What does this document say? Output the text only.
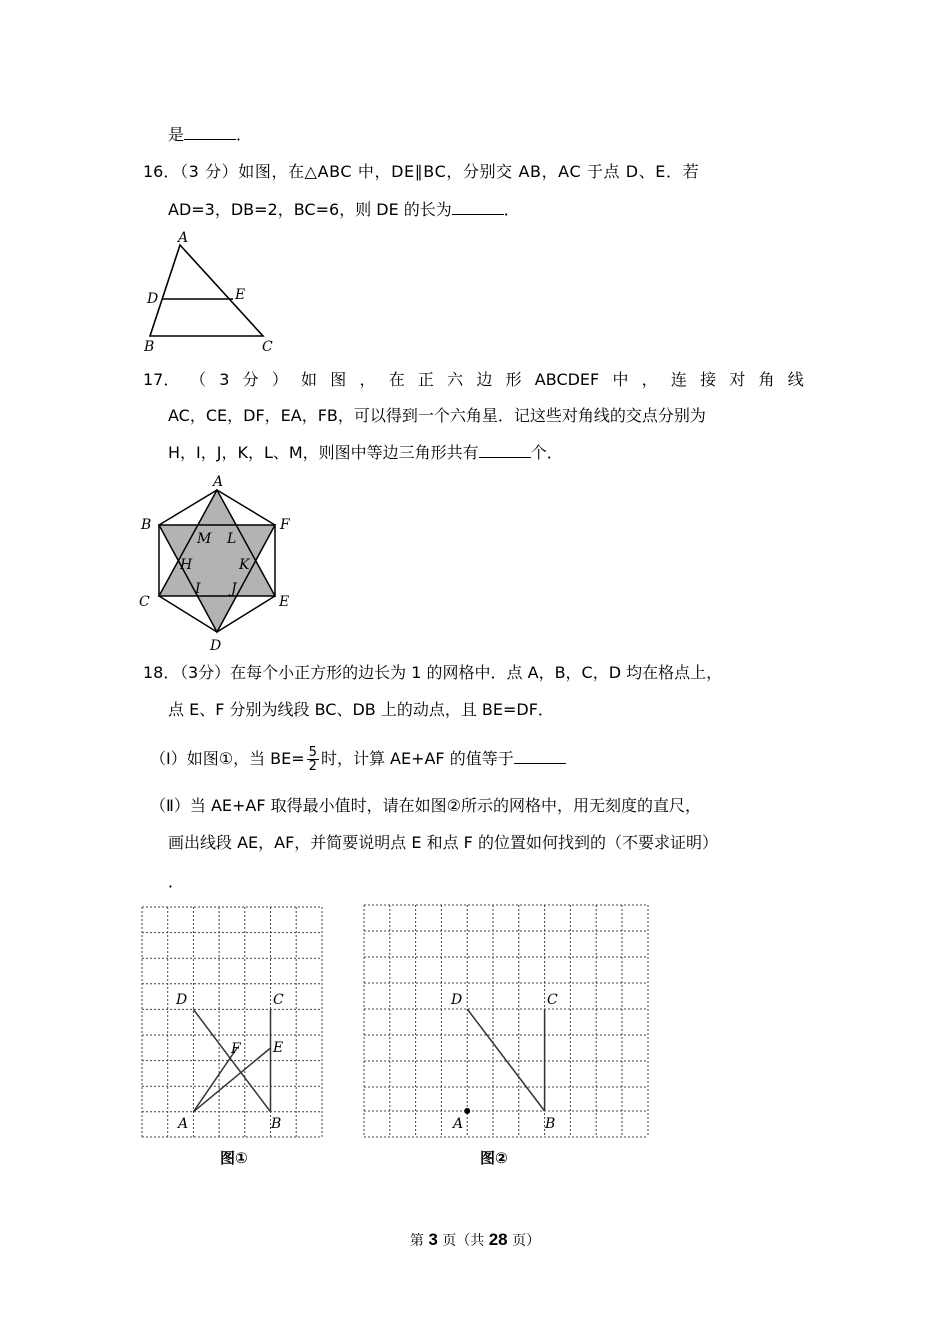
是	．
16．
（3 分）如图，在△ABC 中，DE∥BC，分别交 AB，AC 于点 D、E．若
AD=3，DB=2，BC=6，则 DE 的长为	．
A
B	C
D	E
17． （ 3 分 ） 如 图 ， 在 正 六 边 形 ABCDEF 中 ， 连 接 对 角 线
AC，CE，DF，EA，FB，可以得到一个六角星．记这些对角线的交点分别为
H，I，J，K，L、M，则图中等边三角形共有	个．
A
B
C
D
E
F
M L
H	K
I J
18．
（3分）在每个小正方形的边长为 1 的网格中．点 A，B，C，D 均在格点上，
点 E、F 分别为线段 BC、DB 上的动点，且 BE=DF．
（Ⅰ）如图①，当 $BE= \frac{5}{2}$ 时，计算 AE+AF 的值等于
（Ⅱ）当 AE+AF 取得最小值时，请在如图②所示的网格中，用无刻度的直尺，
画出线段 AE，AF，并简要说明点 E 和点 F 的位置如何找到的（不要求证明）
．
D	C
E
F
A	B
图①
D	C
A	B
图②
第 3 页（共 28 页）
